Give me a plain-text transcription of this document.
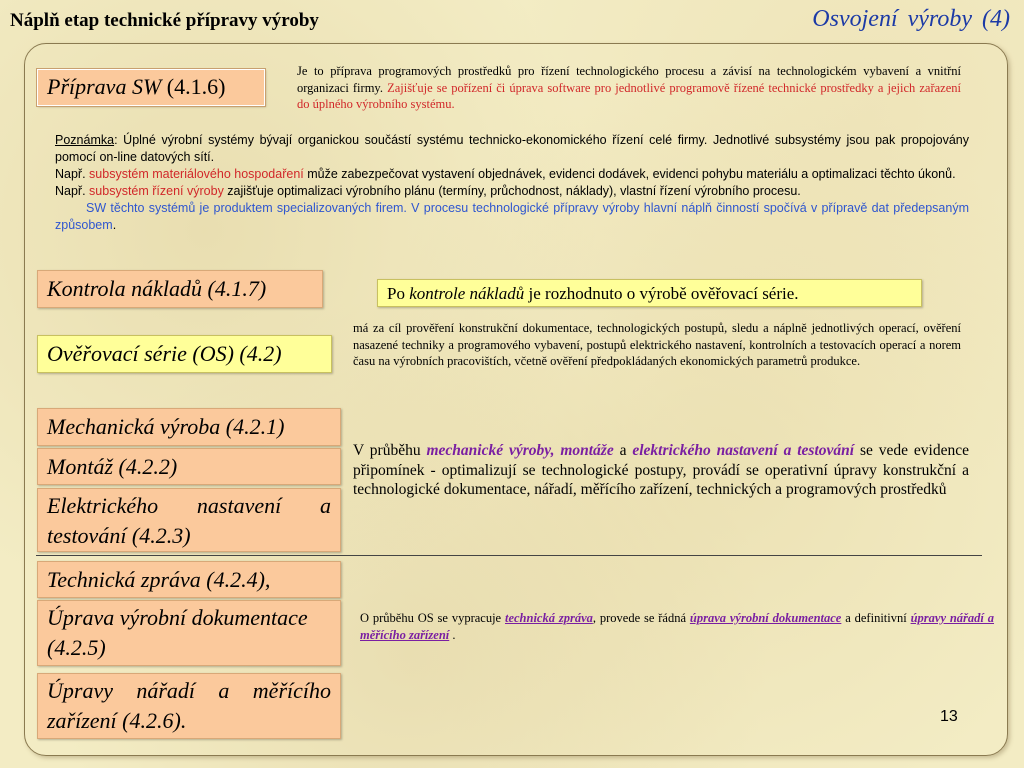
Náplň etap technické přípravy výroby	Osvojení výroby (4)
Příprava SW (4.1.6)
Je to příprava programových prostředků pro řízení technologického procesu a závisí na technologickém vybavení a vnitřní organizaci firmy. Zajišťuje se pořízení či úprava software pro jednotlivé programově řízené technické prostředky a jejich zařazení do úplného výrobního systému.
Poznámka: Úplné výrobní systémy bývají organickou součástí systému technicko-ekonomického řízení celé firmy. Jednotlivé subsystémy jsou pak propojovány pomocí on-line datových sítí.
Např. subsystém materiálového hospodaření může zabezpečovat vystavení objednávek, evidenci dodávek, evidenci pohybu materiálu a optimalizaci těchto úkonů.
Např. subsystém řízení výroby zajišťuje optimalizaci výrobního plánu (termíny, průchodnost, náklady), vlastní řízení výrobního procesu.
SW těchto systémů je produktem specializovaných firem. V procesu technologické přípravy výroby hlavní náplň činností spočívá v přípravě dat předepsaným způsobem.
Kontrola nákladů (4.1.7)	Po kontrole nákladů je rozhodnuto o výrobě ověřovací série.
Ověřovací série (OS) (4.2)
má za cíl prověření konstrukční dokumentace, technologických postupů, sledu a náplně jednotlivých operací, ověření nasazené techniky a programového vybavení, postupů elektrického nastavení, kontrolních a testovacích operací a norem času na výrobních pracovištích, včetně ověření předpokládaných ekonomických parametrů produkce.
Mechanická výroba (4.2.1)
Montáž (4.2.2)
Elektrického nastavení a testování (4.2.3)
V průběhu mechanické výroby, montáže a elektrického nastavení a testování se vede evidence připomínek - optimalizují se technologické postupy, provádí se operativní úpravy konstrukční a technologické dokumentace, nářadí, měřícího zařízení, technických a programových prostředků
Technická zpráva (4.2.4),
Úprava výrobní dokumentace (4.2.5)
Úpravy nářadí a měřícího zařízení (4.2.6).
O průběhu OS se vypracuje technická zpráva, provede se řádná úprava výrobní dokumentace a definitivní úpravy nářadí a měřícího zařízení .
13
